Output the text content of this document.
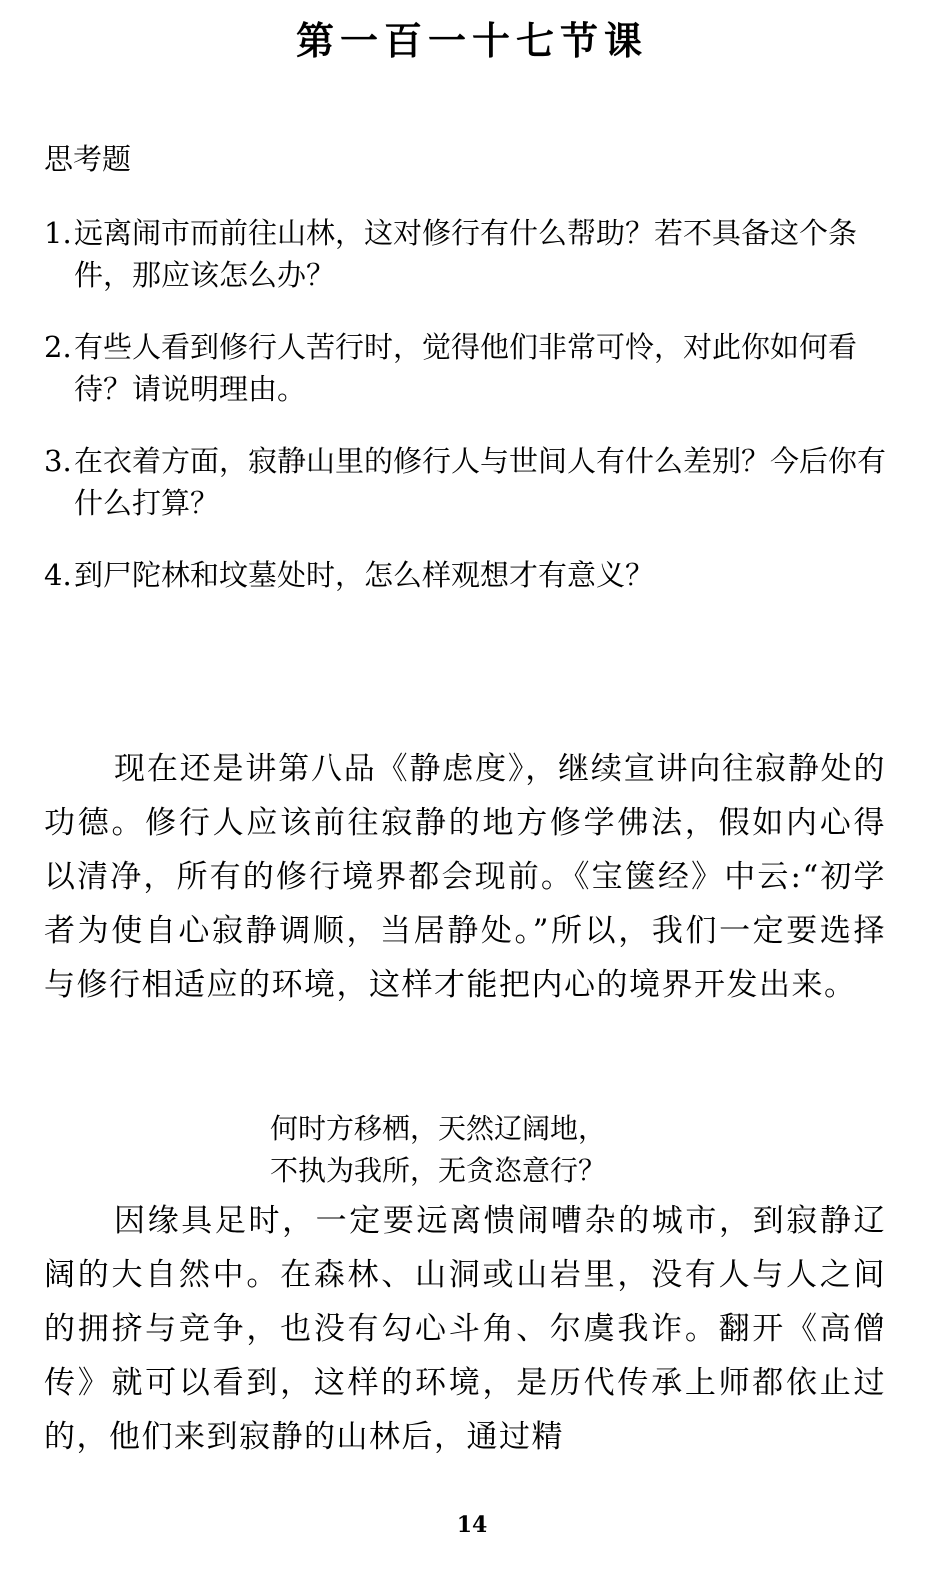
第一百一十七节课
思考题
1.远离闹市而前往山林，这对修行有什么帮助？若不具备这个条件，那应该怎么办？
2.有些人看到修行人苦行时，觉得他们非常可怜，对此你如何看待？请说明理由。
3.在衣着方面，寂静山里的修行人与世间人有什么差别？今后你有什么打算？
4.到尸陀林和坟墓处时，怎么样观想才有意义？

现在还是讲第八品《静虑度》，继续宣讲向往寂静处的功德。修行人应该前往寂静的地方修学佛法，假如内心得以清净，所有的修行境界都会现前。《宝箧经》中云:“初学者为使自心寂静调顺，当居静处。”所以，我们一定要选择与修行相适应的环境，这样才能把内心的境界开发出来。

何时方移栖，天然辽阔地，
不执为我所，无贪恣意行？

因缘具足时，一定要远离愦闹嘈杂的城市，到寂静辽阔的大自然中。在森林、山洞或山岩里，没有人与人之间的拥挤与竞争，也没有勾心斗角、尔虞我诈。翻开《高僧传》就可以看到，这样的环境，是历代传承上师都依止过的，他们来到寂静的山林后，通过精

14
